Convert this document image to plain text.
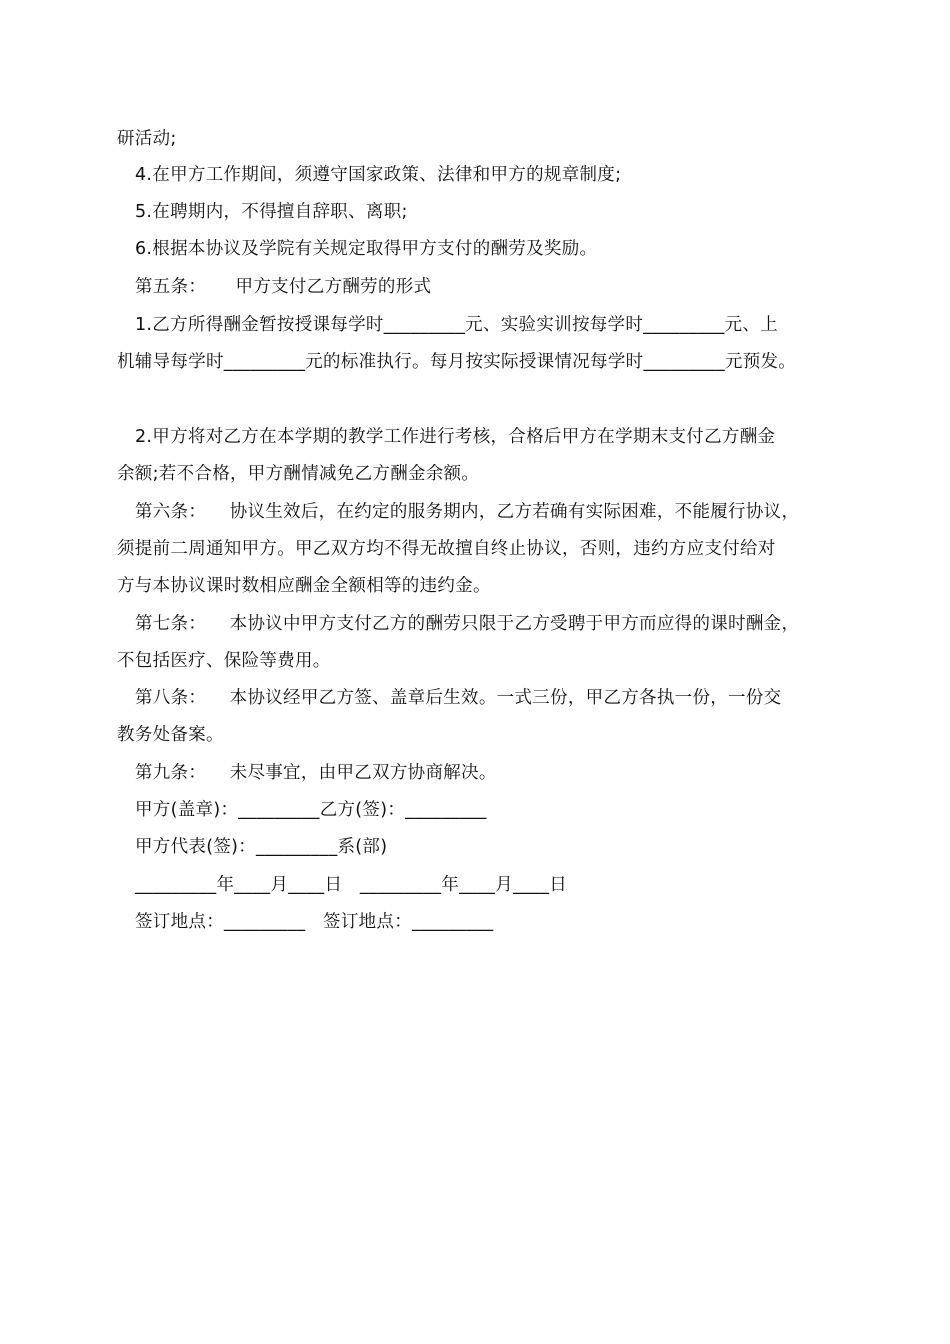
研活动;
4.在甲方工作期间，须遵守国家政策、法律和甲方的规章制度;
5.在聘期内，不得擅自辞职、离职;
6.根据本协议及学院有关规定取得甲方支付的酬劳及奖励。
第五条：     甲方支付乙方酬劳的形式
1.乙方所得酬金暂按授课每学时_________元、实验实训按每学时_________元、上
机辅导每学时_________元的标准执行。每月按实际授课情况每学时_________元预发。
2.甲方将对乙方在本学期的教学工作进行考核，合格后甲方在学期末支付乙方酬金
余额;若不合格，甲方酬情减免乙方酬金余额。
第六条：    协议生效后，在约定的服务期内，乙方若确有实际困难，不能履行协议，
须提前二周通知甲方。甲乙双方均不得无故擅自终止协议，否则，违约方应支付给对
方与本协议课时数相应酬金全额相等的违约金。
第七条：    本协议中甲方支付乙方的酬劳只限于乙方受聘于甲方而应得的课时酬金，
不包括医疗、保险等费用。
第八条：    本协议经甲乙方签、盖章后生效。一式三份，甲乙方各执一份，一份交
教务处备案。
第九条：    未尽事宜，由甲乙双方协商解决。
甲方(盖章)：_________乙方(签)：_________
甲方代表(签)：_________系(部)
_________年____月____日   _________年____月____日
签订地点：_________   签订地点：_________
